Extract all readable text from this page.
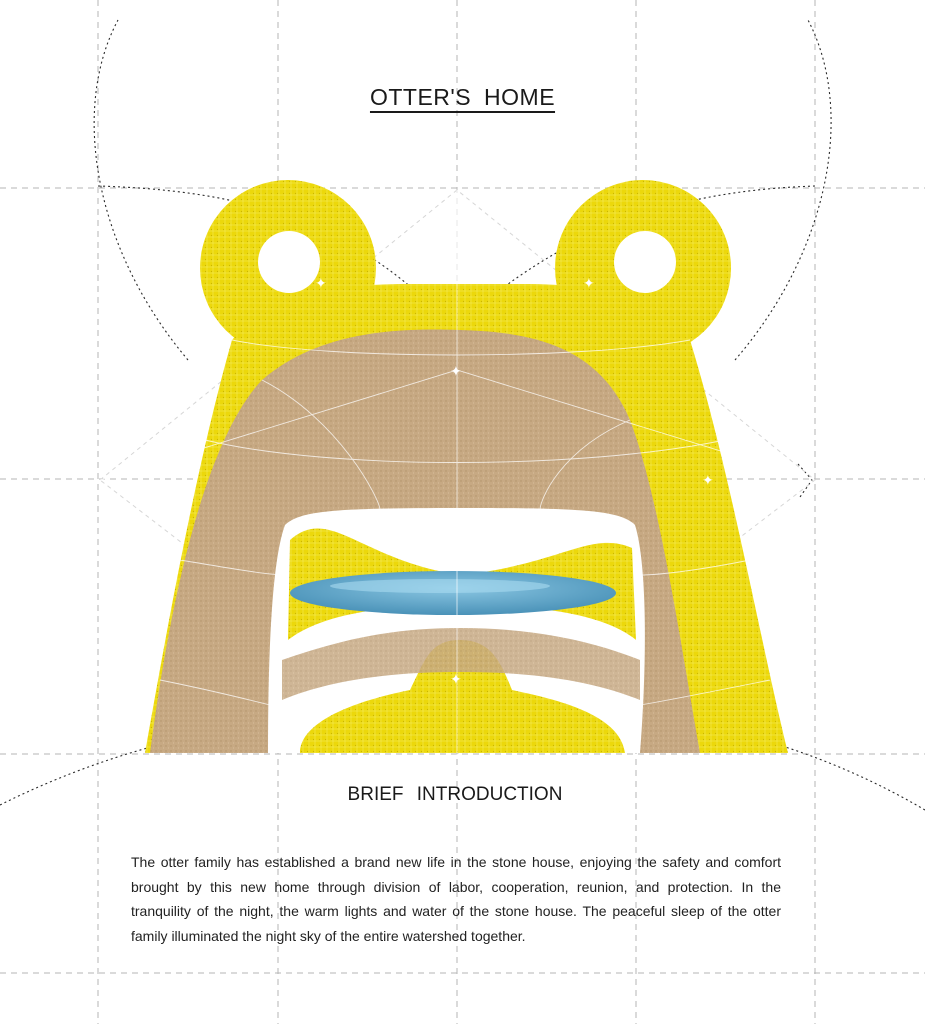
✦	✦
✦
✦
✦
OTTER'S HOME
BRIEF INTRODUCTION
The otter family has established a brand new life in the stone house, enjoying the safety and comfort brought by this new home through division of labor, cooperation, reunion, and protection. In the tranquility of the night, the warm lights and water of the stone house. The peaceful sleep of the otter family illuminated the night sky of the entire watershed together.
